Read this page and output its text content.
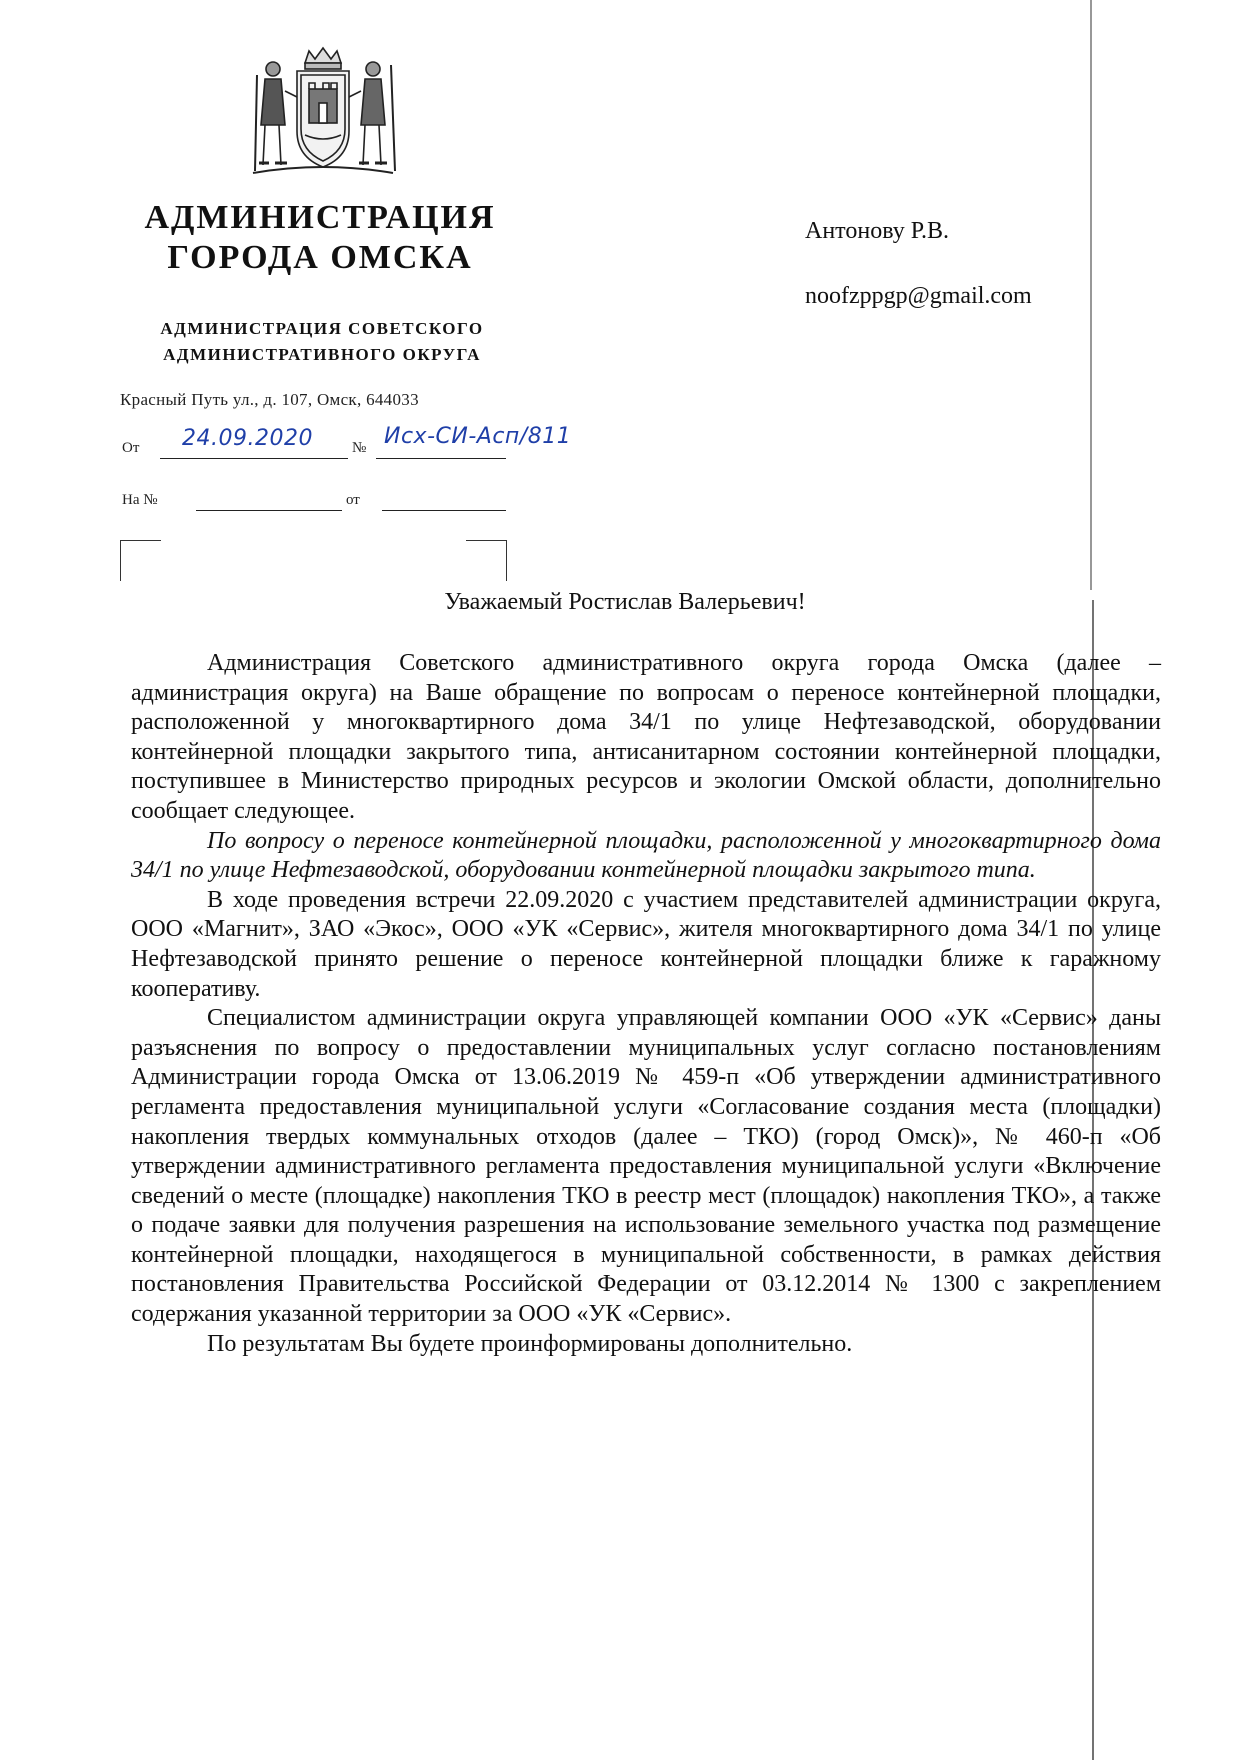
АДМИНИСТРАЦИЯ
ГОРОДА ОМСКА
АДМИНИСТРАЦИЯ СОВЕТСКОГО
АДМИНИСТРАТИВНОГО ОКРУГА
Красный Путь ул., д. 107, Омск, 644033
От 24.09.2020	№ Исх-СИ-Асп/811
На №	от
Антонову Р.В.
noofzppgp@gmail.com
Уважаемый Ростислав Валерьевич!

Администрация Советского административного округа города Омска (далее – администрация округа) на Ваше обращение по вопросам о переносе контейнерной площадки, расположенной у многоквартирного дома 34/1 по улице Нефтезаводской, оборудовании контейнерной площадки закрытого типа, антисанитарном состоянии контейнерной площадки, поступившее в Министерство природных ресурсов и экологии Омской области, дополнительно сообщает следующее.

По вопросу о переносе контейнерной площадки, расположенной у многоквартирного дома 34/1 по улице Нефтезаводской, оборудовании контейнерной площадки закрытого типа.

В ходе проведения встречи 22.09.2020 с участием представителей администрации округа, ООО «Магнит», ЗАО «Экос», ООО «УК «Сервис», жителя многоквартирного дома 34/1 по улице Нефтезаводской принято решение о переносе контейнерной площадки ближе к гаражному кооперативу.

Специалистом администрации округа управляющей компании ООО «УК «Сервис» даны разъяснения по вопросу о предоставлении муниципальных услуг согласно постановлениям Администрации города Омска от 13.06.2019 № 459-п «Об утверждении административного регламента предоставления муниципальной услуги «Согласование создания места (площадки) накопления твердых коммунальных отходов (далее – ТКО) (город Омск)», № 460-п «Об утверждении административного регламента предоставления муниципальной услуги «Включение сведений о месте (площадке) накопления ТКО в реестр мест (площадок) накопления ТКО», а также о подаче заявки для получения разрешения на использование земельного участка под размещение контейнерной площадки, находящегося в муниципальной собственности, в рамках действия постановления Правительства Российской Федерации от 03.12.2014 № 1300 с закреплением содержания указанной территории за ООО «УК «Сервис».

По результатам Вы будете проинформированы дополнительно.
